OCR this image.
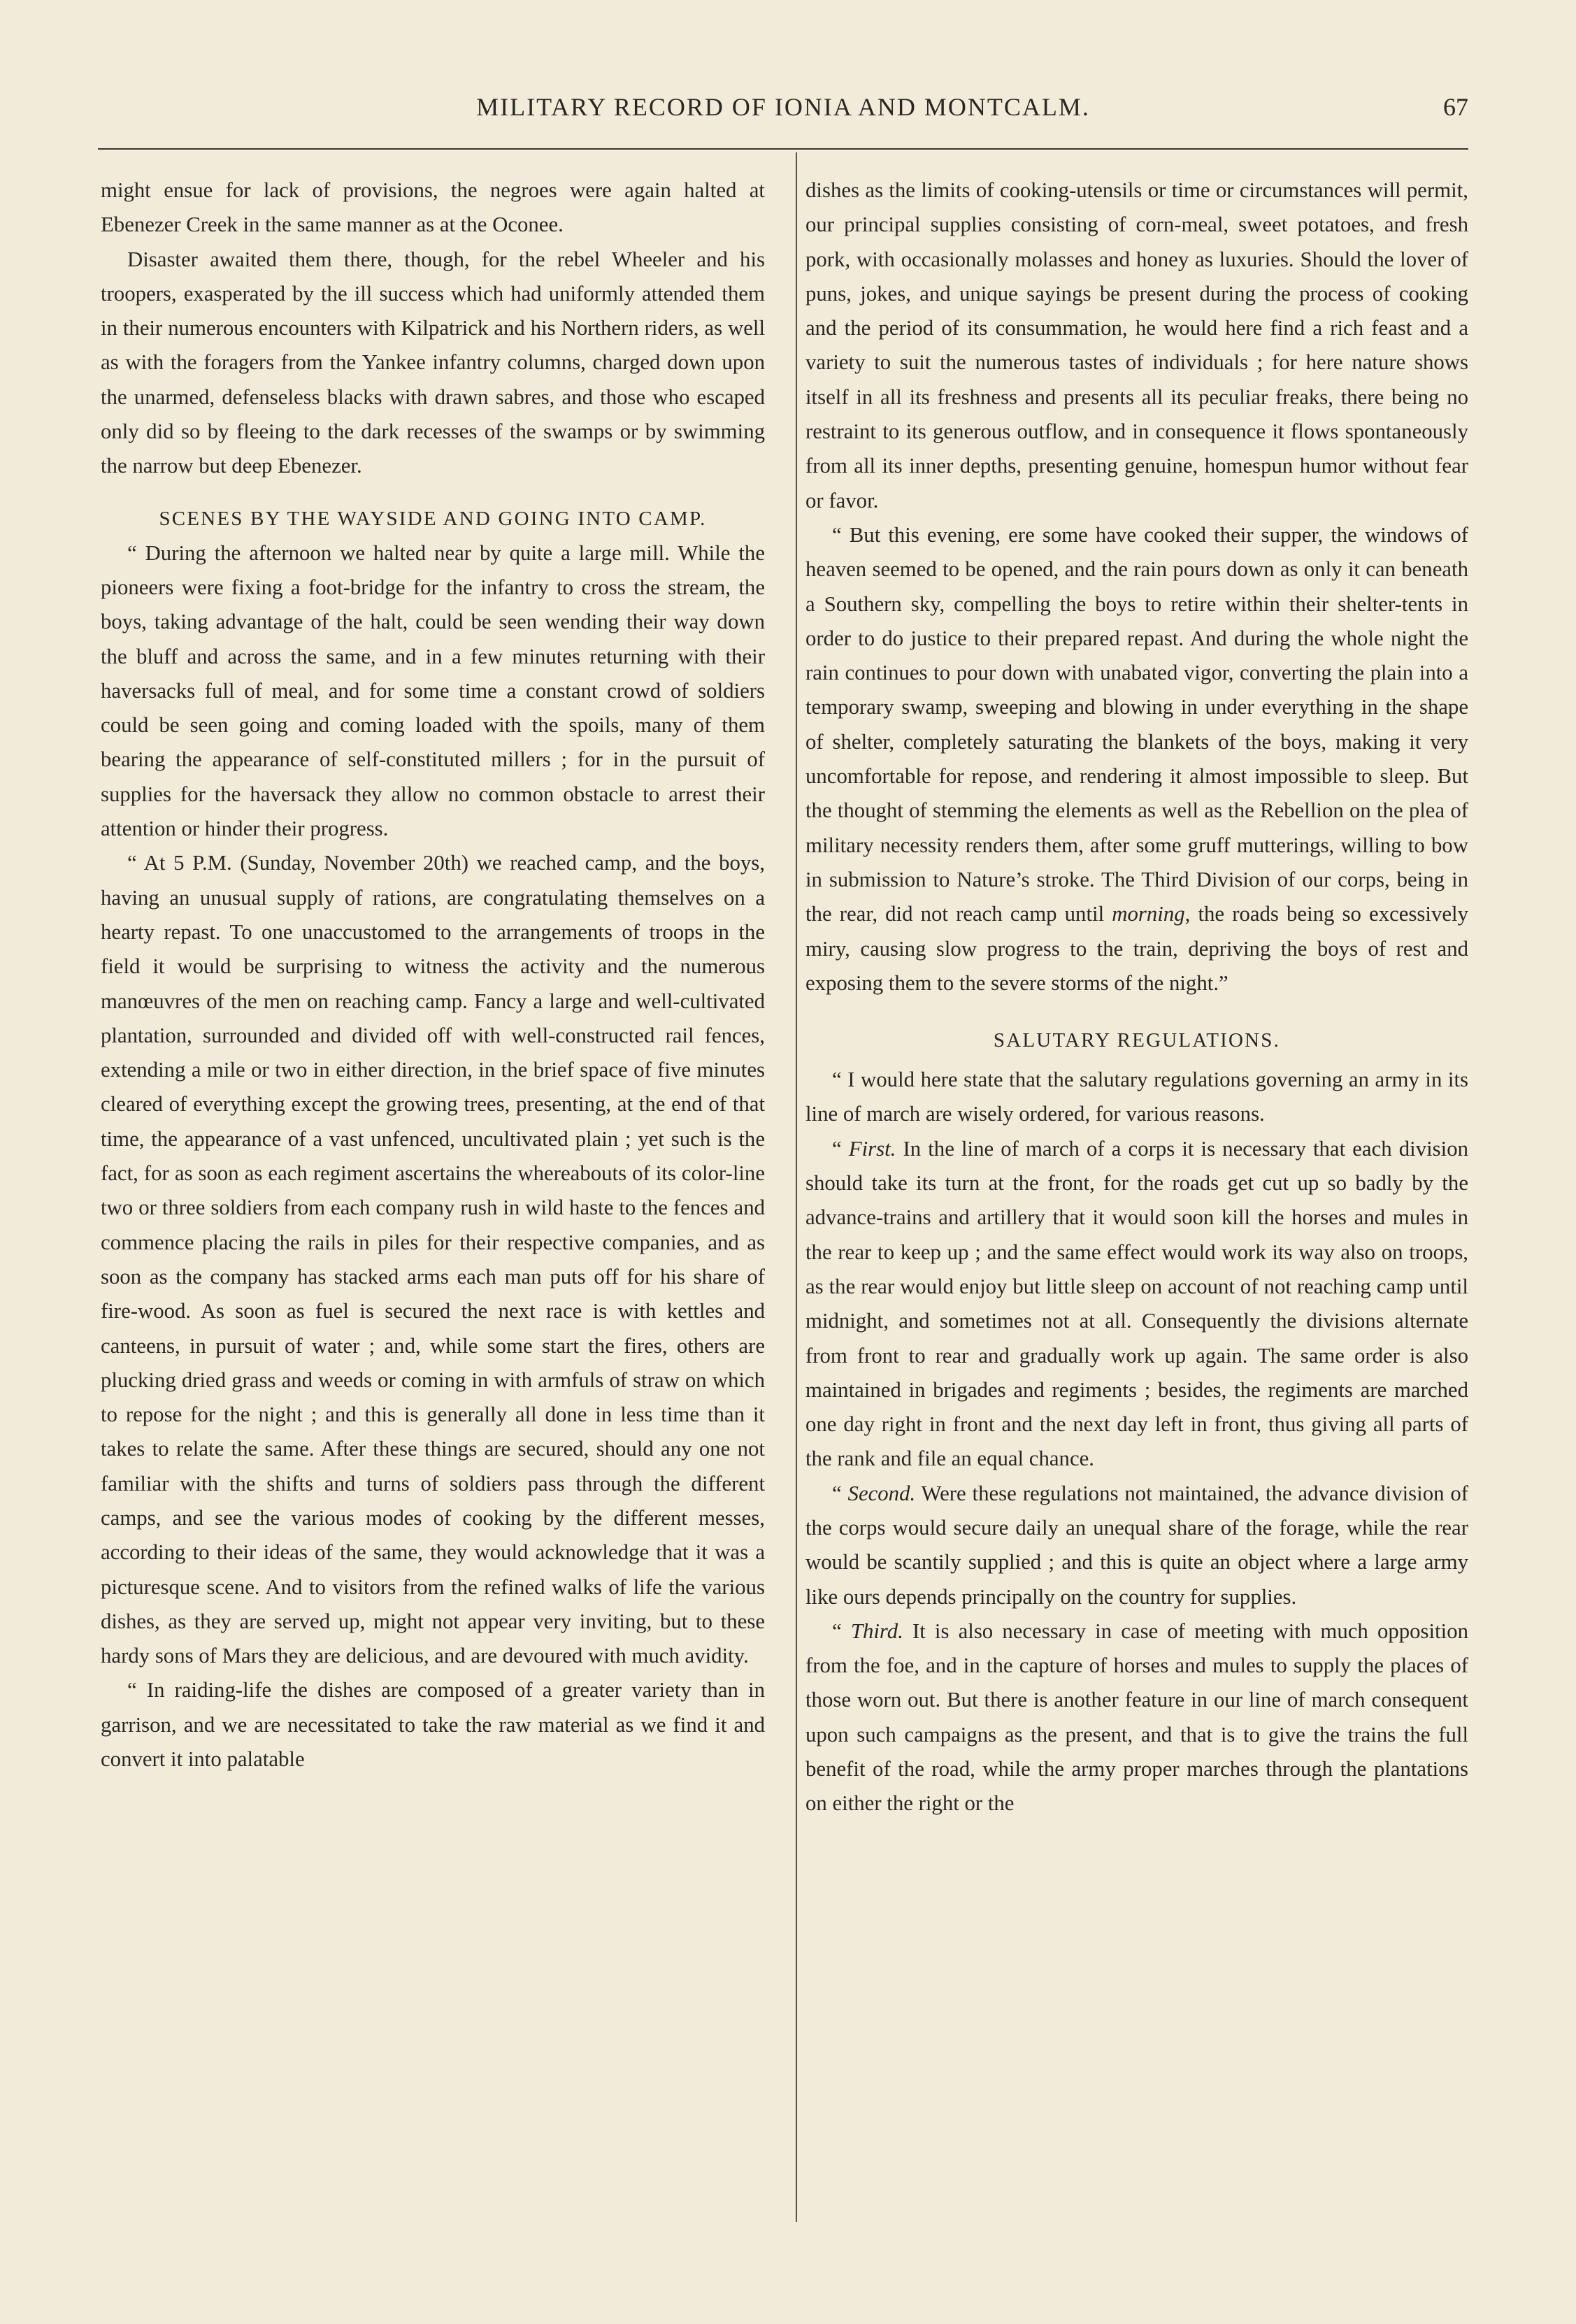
MILITARY RECORD OF IONIA AND MONTCALM.	67

might ensue for lack of provisions, the negroes were again halted at Ebenezer Creek in the same manner as at the Oconee.

Disaster awaited them there, though, for the rebel Wheeler and his troopers, exasperated by the ill success which had uniformly attended them in their numerous encounters with Kilpatrick and his Northern riders, as well as with the foragers from the Yankee infantry columns, charged down upon the unarmed, defenseless blacks with drawn sabres, and those who escaped only did so by fleeing to the dark recesses of the swamps or by swimming the narrow but deep Ebenezer.

SCENES BY THE WAYSIDE AND GOING INTO CAMP.

“ During the afternoon we halted near by quite a large mill. While the pioneers were fixing a foot-bridge for the infantry to cross the stream, the boys, taking advantage of the halt, could be seen wending their way down the bluff and across the same, and in a few minutes returning with their haversacks full of meal, and for some time a constant crowd of soldiers could be seen going and coming loaded with the spoils, many of them bearing the appearance of self-constituted millers ; for in the pursuit of supplies for the haversack they allow no common obstacle to arrest their attention or hinder their progress.

“ At 5 P.M. (Sunday, November 20th) we reached camp, and the boys, having an unusual supply of rations, are congratulating themselves on a hearty repast. To one unaccustomed to the arrangements of troops in the field it would be surprising to witness the activity and the numerous manœuvres of the men on reaching camp. Fancy a large and well-cultivated plantation, surrounded and divided off with well-constructed rail fences, extending a mile or two in either direction, in the brief space of five minutes cleared of everything except the growing trees, presenting, at the end of that time, the appearance of a vast unfenced, uncultivated plain ; yet such is the fact, for as soon as each regiment ascertains the whereabouts of its color-line two or three soldiers from each company rush in wild haste to the fences and commence placing the rails in piles for their respective companies, and as soon as the company has stacked arms each man puts off for his share of fire-wood. As soon as fuel is secured the next race is with kettles and canteens, in pursuit of water ; and, while some start the fires, others are plucking dried grass and weeds or coming in with armfuls of straw on which to repose for the night ; and this is generally all done in less time than it takes to relate the same. After these things are secured, should any one not familiar with the shifts and turns of soldiers pass through the different camps, and see the various modes of cooking by the different messes, according to their ideas of the same, they would acknowledge that it was a picturesque scene. And to visitors from the refined walks of life the various dishes, as they are served up, might not appear very inviting, but to these hardy sons of Mars they are delicious, and are devoured with much avidity.

“ In raiding-life the dishes are composed of a greater variety than in garrison, and we are necessitated to take the raw material as we find it and convert it into palatable

dishes as the limits of cooking-utensils or time or circumstances will permit, our principal supplies consisting of corn-meal, sweet potatoes, and fresh pork, with occasionally molasses and honey as luxuries. Should the lover of puns, jokes, and unique sayings be present during the process of cooking and the period of its consummation, he would here find a rich feast and a variety to suit the numerous tastes of individuals ; for here nature shows itself in all its freshness and presents all its peculiar freaks, there being no restraint to its generous outflow, and in consequence it flows spontaneously from all its inner depths, presenting genuine, homespun humor without fear or favor.

“ But this evening, ere some have cooked their supper, the windows of heaven seemed to be opened, and the rain pours down as only it can beneath a Southern sky, compelling the boys to retire within their shelter-tents in order to do justice to their prepared repast. And during the whole night the rain continues to pour down with unabated vigor, converting the plain into a temporary swamp, sweeping and blowing in under everything in the shape of shelter, completely saturating the blankets of the boys, making it very uncomfortable for repose, and rendering it almost impossible to sleep. But the thought of stemming the elements as well as the Rebellion on the plea of military necessity renders them, after some gruff mutterings, willing to bow in submission to Nature’s stroke. The Third Division of our corps, being in the rear, did not reach camp until morning, the roads being so excessively miry, causing slow progress to the train, depriving the boys of rest and exposing them to the severe storms of the night.”

SALUTARY REGULATIONS.

“ I would here state that the salutary regulations governing an army in its line of march are wisely ordered, for various reasons.

“ First. In the line of march of a corps it is necessary that each division should take its turn at the front, for the roads get cut up so badly by the advance-trains and artillery that it would soon kill the horses and mules in the rear to keep up ; and the same effect would work its way also on troops, as the rear would enjoy but little sleep on account of not reaching camp until midnight, and sometimes not at all. Consequently the divisions alternate from front to rear and gradually work up again. The same order is also maintained in brigades and regiments ; besides, the regiments are marched one day right in front and the next day left in front, thus giving all parts of the rank and file an equal chance.

“ Second. Were these regulations not maintained, the advance division of the corps would secure daily an unequal share of the forage, while the rear would be scantily supplied ; and this is quite an object where a large army like ours depends principally on the country for supplies.

“ Third. It is also necessary in case of meeting with much opposition from the foe, and in the capture of horses and mules to supply the places of those worn out. But there is another feature in our line of march consequent upon such campaigns as the present, and that is to give the trains the full benefit of the road, while the army proper marches through the plantations on either the right or the
